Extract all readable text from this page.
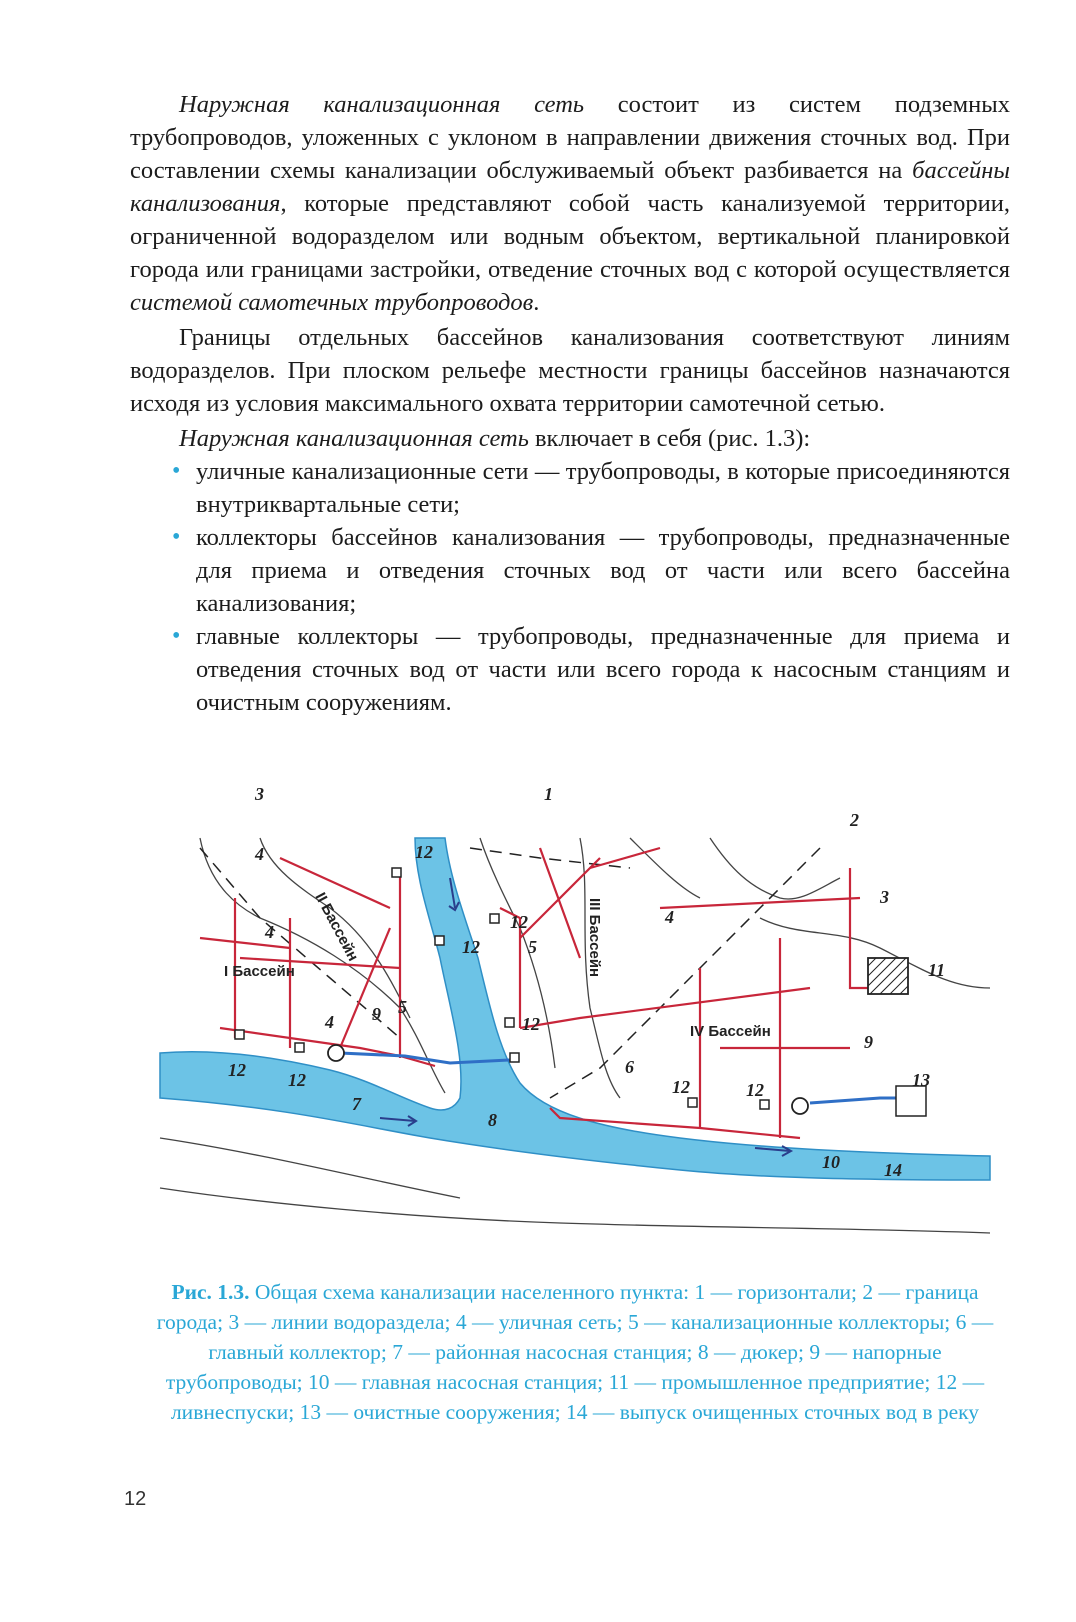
Наружная канализационная сеть состоит из систем подземных трубопроводов, уложенных с уклоном в направлении движения сточных вод. При составлении схемы канализации обслуживаемый объект разбивается на бассейны канализования, которые представляют собой часть канализуемой территории, ограниченной водоразделом или водным объектом, вертикальной планировкой города или границами застройки, отведение сточных вод с которой осуществляется системой самотечных трубопроводов.

Границы отдельных бассейнов канализования соответствуют линиям водоразделов. При плоском рельефе местности границы бассейнов назначаются исходя из условия максимального охвата территории самотечной сетью.

Наружная канализационная сеть включает в себя (рис. 1.3):

• уличные канализационные сети — трубопроводы, в которые присоединяются внутриквартальные сети;
• коллекторы бассейнов канализования — трубопроводы, предназначенные для приема и отведения сточных вод от части или всего бассейна канализования;
• главные коллекторы — трубопроводы, предназначенные для приема и отведения сточных вод от части или всего города к насосным станциям и очистным сооружениям.
I Бассейн
II Бассейн	III Бассейн
IV Бассейн
1
2
3
3
4
4
4
4
5
5
6
7
8
9
9
10
11
12
12
12
12
12 12	12	12	13
14
Рис. 1.3. Общая схема канализации населенного пункта: 1 — горизонтали; 2 — граница города; 3 — линии водораздела; 4 — уличная сеть; 5 — канализационные коллекторы; 6 — главный коллектор; 7 — районная насосная станция; 8 — дюкер; 9 — напорные трубопроводы; 10 — главная насосная станция; 11 — промышленное предприятие; 12 — ливнеспуски; 13 — очистные сооружения; 14 — выпуск очищенных сточных вод в реку
12
